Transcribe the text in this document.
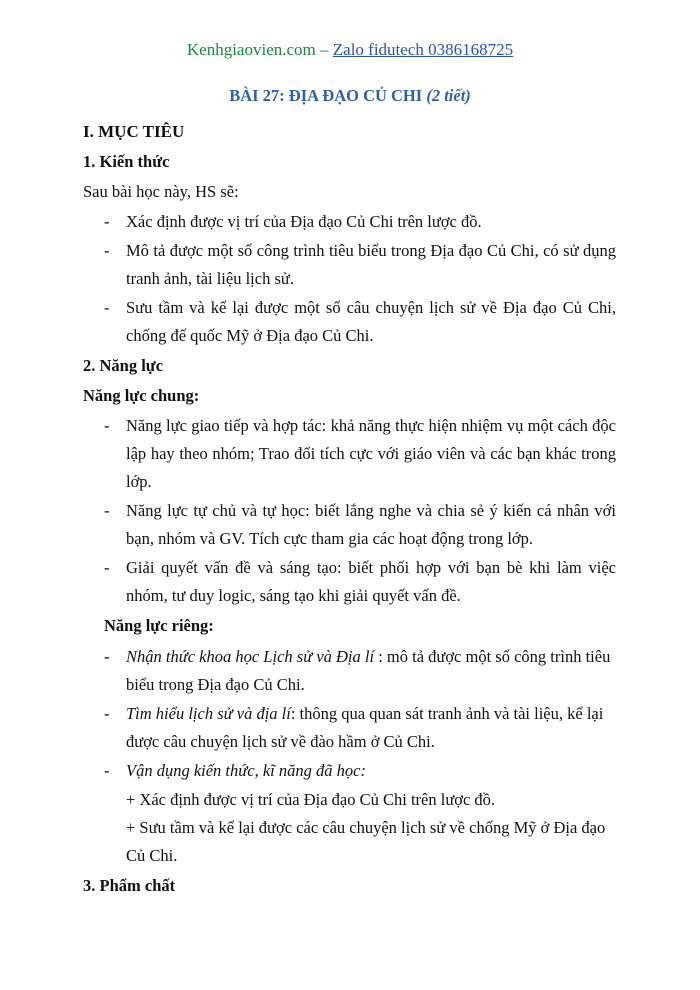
Kenhgiaovien.com – Zalo fidutech 0386168725
BÀI 27: ĐỊA ĐẠO CỦ CHI (2 tiết)
I. MỤC TIÊU
1. Kiến thức
Sau bài học này, HS sẽ:
- Xác định được vị trí của Địa đạo Củ Chi trên lược đồ.
- Mô tả được một số công trình tiêu biểu trong Địa đạo Củ Chi, có sử dụng
tranh ảnh, tài liệu lịch sử.
- Sưu tầm và kể lại được một số câu chuyện lịch sử về Địa đạo Củ Chi,
chống đế quốc Mỹ ở Địa đạo Củ Chi.
2. Năng lực
Năng lực chung:
- Năng lực giao tiếp và hợp tác: khả năng thực hiện nhiệm vụ một cách độc
lập hay theo nhóm; Trao đổi tích cực với giáo viên và các bạn khác trong
lớp.
- Năng lực tự chủ và tự học: biết lắng nghe và chia sẻ ý kiến cá nhân với
bạn, nhóm và GV. Tích cực tham gia các hoạt động trong lớp.
- Giải quyết vấn đề và sáng tạo: biết phối hợp với bạn bè khi làm việc
nhóm, tư duy logic, sáng tạo khi giải quyết vấn đề.
Năng lực riêng:
- Nhận thức khoa học Lịch sử và Địa lí : mô tả được một số công trình tiêu
biểu trong Địa đạo Củ Chi.
- Tìm hiểu lịch sử và địa lí: thông qua quan sát tranh ảnh và tài liệu, kể lại
được câu chuyện lịch sử về đào hầm ở Củ Chi.
- Vận dụng kiến thức, kĩ năng đã học:
+ Xác định được vị trí của Địa đạo Củ Chi trên lược đồ.
+ Sưu tầm và kể lại được các câu chuyện lịch sử về chống Mỹ ở Địa đạo
Củ Chi.
3. Phẩm chất
